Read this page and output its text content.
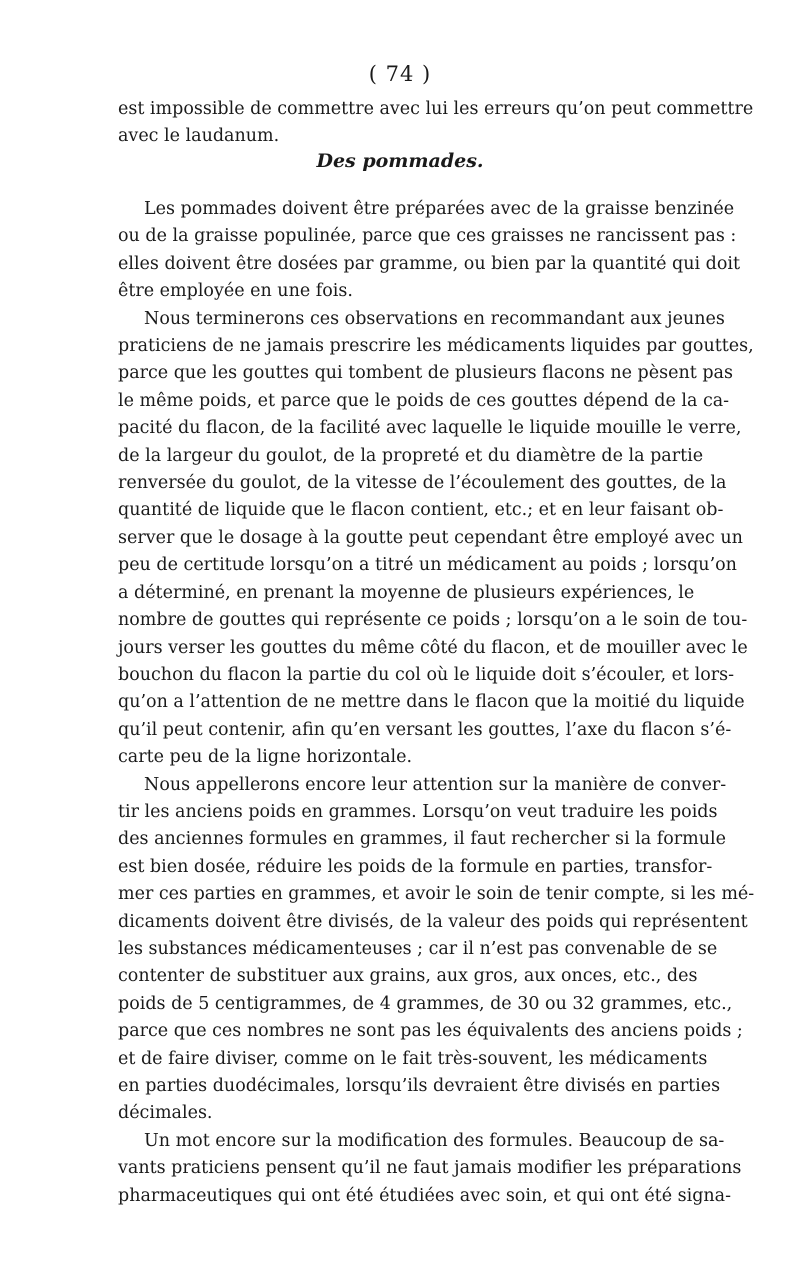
( 74 )
est impossible de commettre avec lui les erreurs qu’on peut commettre
avec le laudanum.
Des pommades.
Les pommades doivent être préparées avec de la graisse benzinée
ou de la graisse populinée, parce que ces graisses ne rancissent pas :
elles doivent être dosées par gramme, ou bien par la quantité qui doit
être employée en une fois.
Nous terminerons ces observations en recommandant aux jeunes
praticiens de ne jamais prescrire les médicaments liquides par gouttes,
parce que les gouttes qui tombent de plusieurs flacons ne pèsent pas
le même poids, et parce que le poids de ces gouttes dépend de la ca-
pacité du flacon, de la facilité avec laquelle le liquide mouille le verre,
de la largeur du goulot, de la propreté et du diamètre de la partie
renversée du goulot, de la vitesse de l’écoulement des gouttes, de la
quantité de liquide que le flacon contient, etc.; et en leur faisant ob-
server que le dosage à la goutte peut cependant être employé avec un
peu de certitude lorsqu’on a titré un médicament au poids ; lorsqu’on
a déterminé, en prenant la moyenne de plusieurs expériences, le
nombre de gouttes qui représente ce poids ; lorsqu’on a le soin de tou-
jours verser les gouttes du même côté du flacon, et de mouiller avec le
bouchon du flacon la partie du col où le liquide doit s’écouler, et lors-
qu’on a l’attention de ne mettre dans le flacon que la moitié du liquide
qu’il peut contenir, afin qu’en versant les gouttes, l’axe du flacon s’é-
carte peu de la ligne horizontale.
Nous appellerons encore leur attention sur la manière de conver-
tir les anciens poids en grammes. Lorsqu’on veut traduire les poids
des anciennes formules en grammes, il faut rechercher si la formule
est bien dosée, réduire les poids de la formule en parties, transfor-
mer ces parties en grammes, et avoir le soin de tenir compte, si les mé-
dicaments doivent être divisés, de la valeur des poids qui représentent
les substances médicamenteuses ; car il n’est pas convenable de se
contenter de substituer aux grains, aux gros, aux onces, etc., des
poids de 5 centigrammes, de 4 grammes, de 30 ou 32 grammes, etc.,
parce que ces nombres ne sont pas les équivalents des anciens poids ;
et de faire diviser, comme on le fait très-souvent, les médicaments
en parties duodécimales, lorsqu’ils devraient être divisés en parties
décimales.
Un mot encore sur la modification des formules. Beaucoup de sa-
vants praticiens pensent qu’il ne faut jamais modifier les préparations
pharmaceutiques qui ont été étudiées avec soin, et qui ont été signa-
